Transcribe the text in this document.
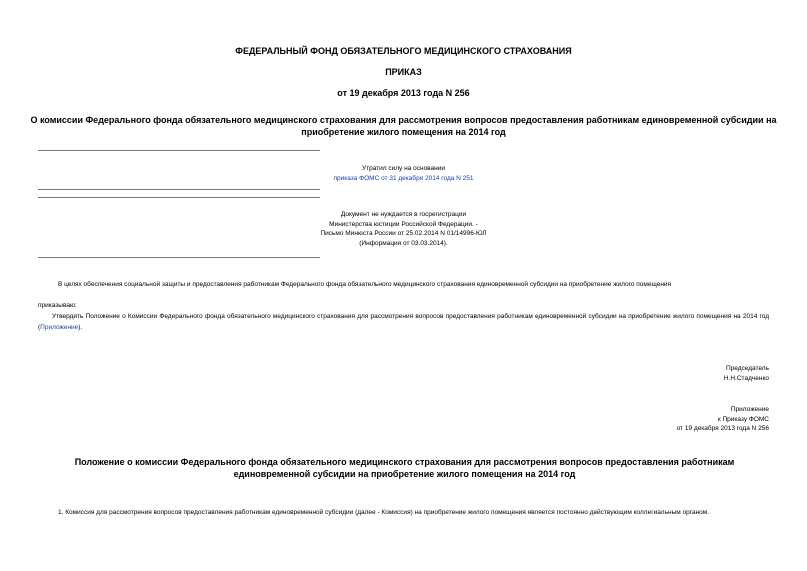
ФЕДЕРАЛЬНЫЙ ФОНД ОБЯЗАТЕЛЬНОГО МЕДИЦИНСКОГО СТРАХОВАНИЯ
ПРИКАЗ
от 19 декабря 2013 года N 256
О комиссии Федерального фонда обязательного медицинского страхования для рассмотрения вопросов предоставления работникам единовременной субсидии на приобретение жилого помещения на 2014 год
Утратил силу на основании
приказа ФОМС от 31 декабря 2014 года N 251
Документ не нуждается в госрегистрации
Министерства юстиции Российской Федерации. -
Письмо Минюста России от 25.02.2014 N 01/14996-ЮЛ
(Информация от 03.03.2014).
В целях обеспечения социальной защиты и предоставления работникам Федерального фонда обязательного медицинского страхования единовременной субсидии на приобретение жилого помещения
приказываю:
Утвердить Положение о Комиссии Федерального фонда обязательного медицинского страхования для рассмотрения вопросов предоставления работникам единовременной субсидии на приобретение жилого помещения на 2014 год (Приложение).
Председатель
Н.Н.Стадченко
Приложение
к Приказу ФОМС
от 19 декабря 2013 года N 256
Положение о комиссии Федерального фонда обязательного медицинского страхования для рассмотрения вопросов предоставления работникам единовременной субсидии на приобретение жилого помещения на 2014 год
1. Комиссия для рассмотрения вопросов предоставления работникам единовременной субсидии (далее - Комиссия) на приобретение жилого помещения является постоянно действующим коллегиальным органом.
